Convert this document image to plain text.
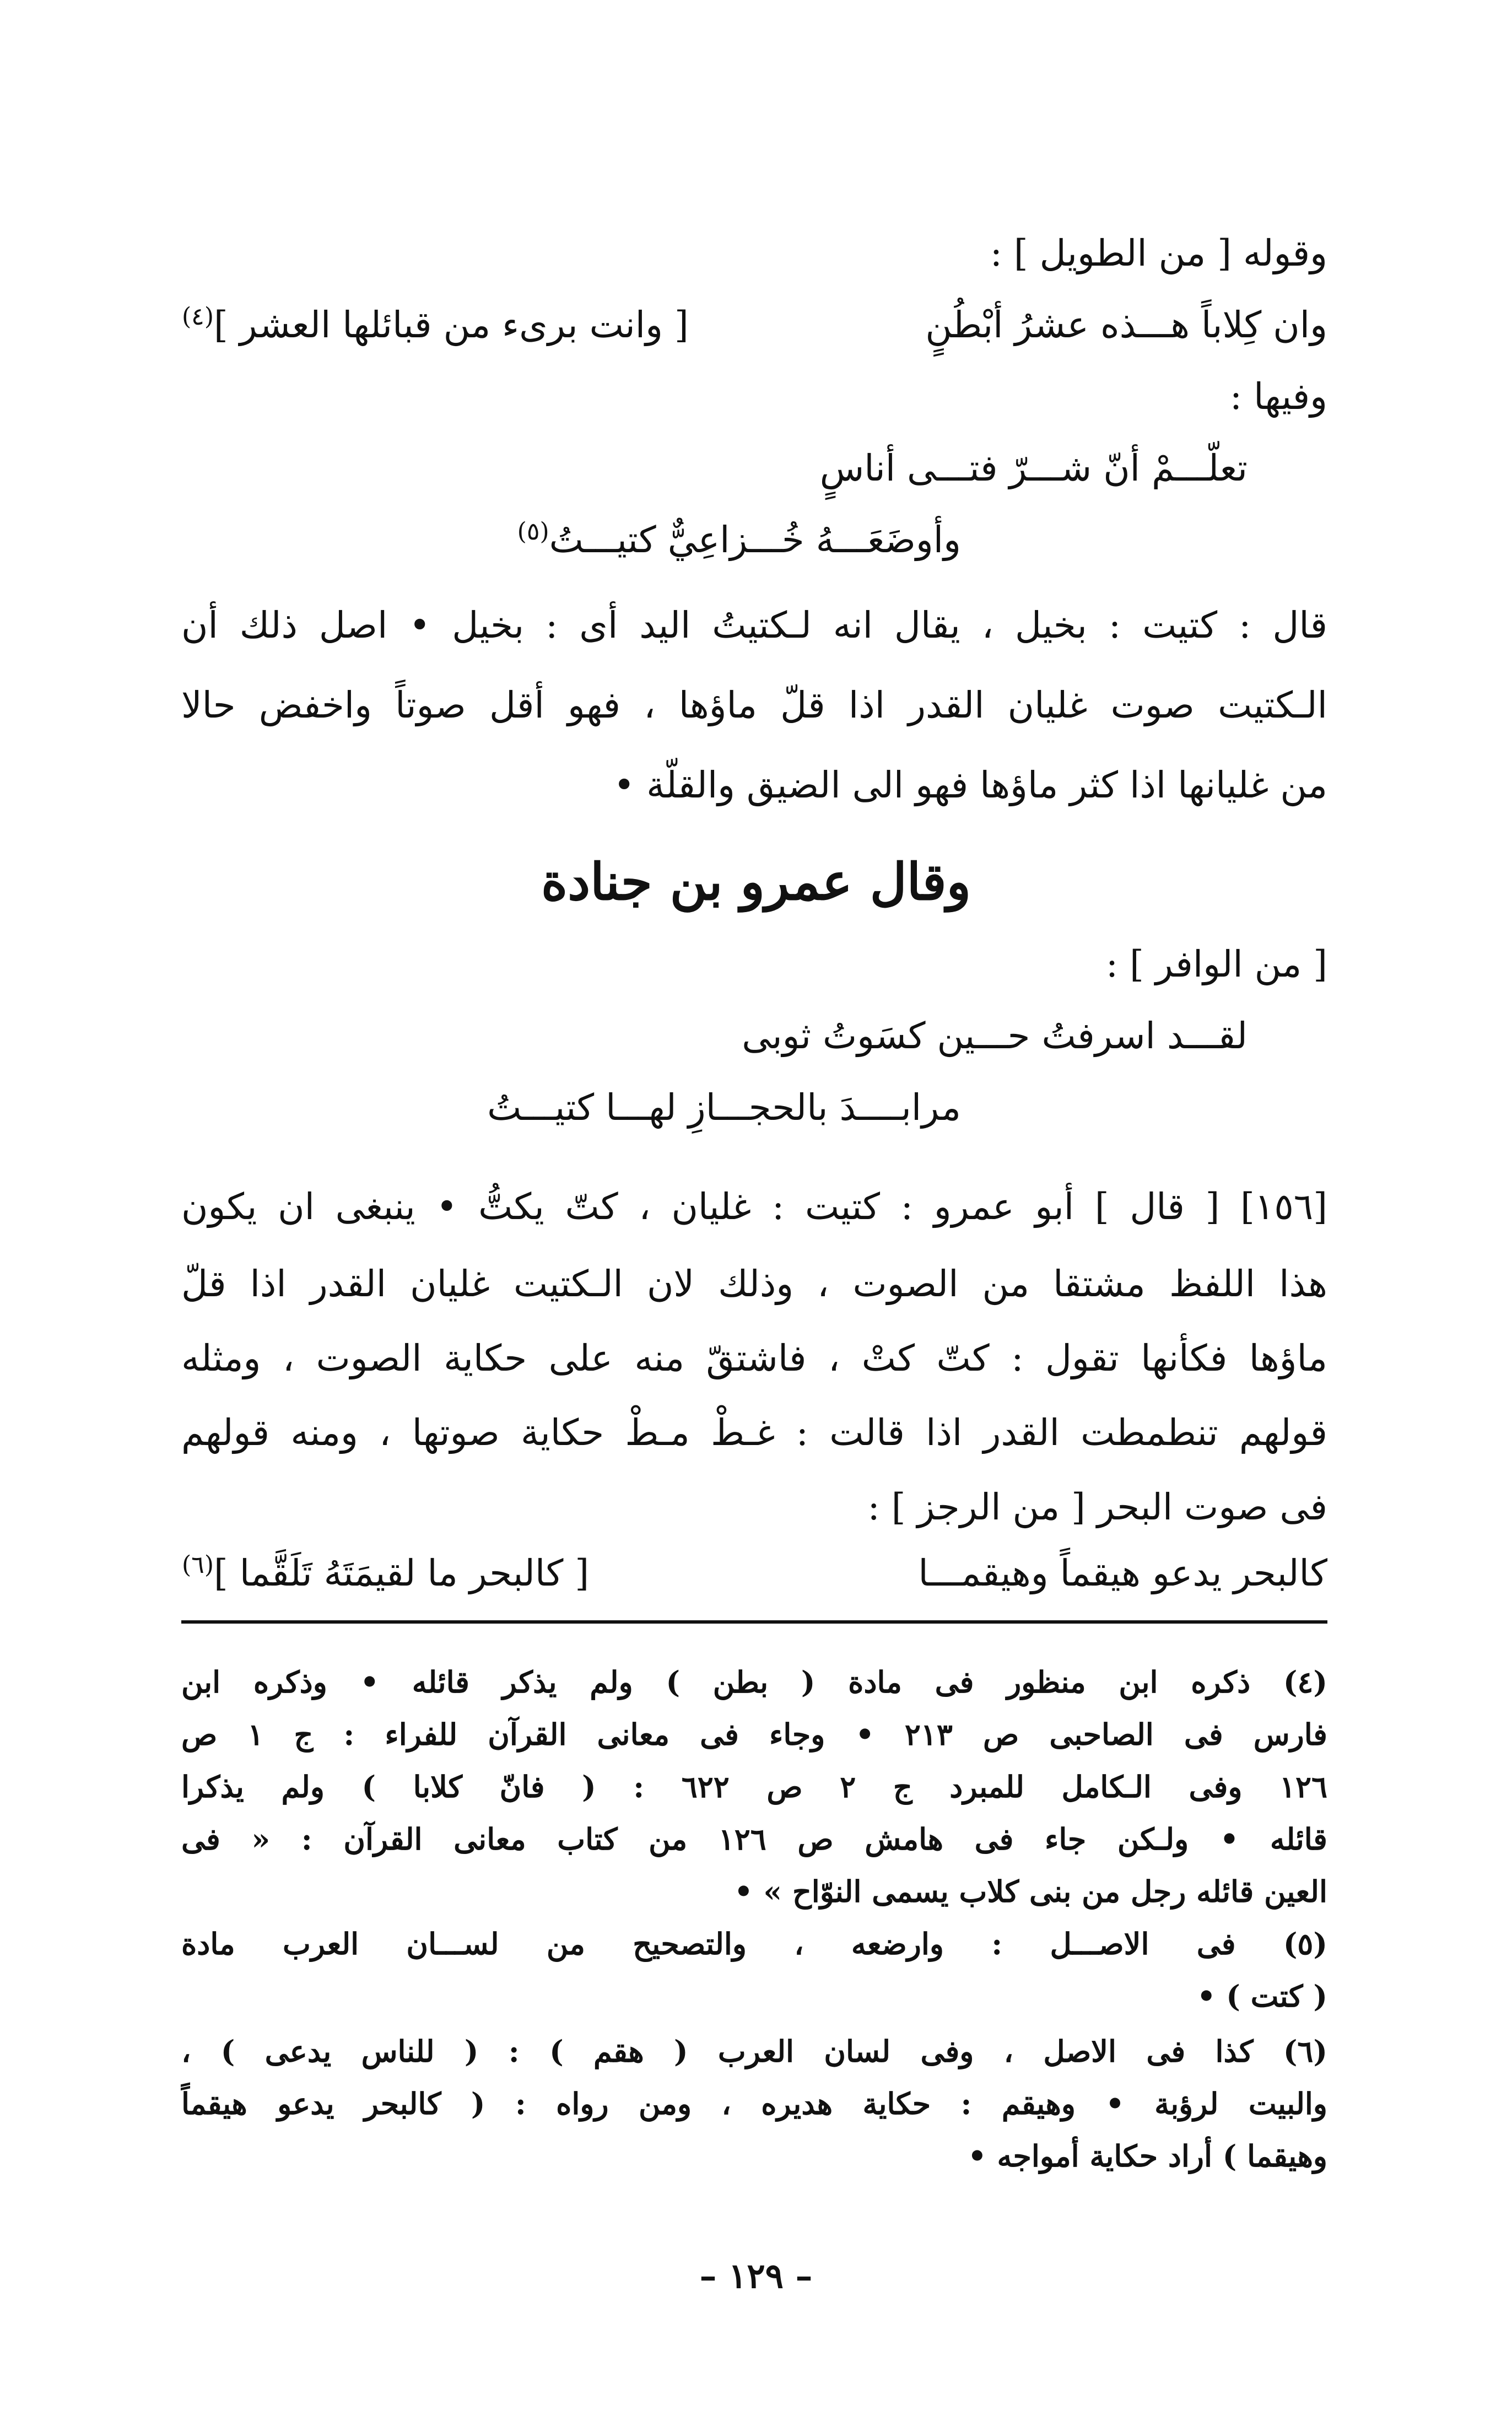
وقوله [ من الطويل ] :
وان كِلاباً هـــذه عشرُ أبْطُنٍ
[ وانت برىء من قبائلها العشر ]$^{(٤)}$
وفيها :
تعلّـــمْ أنّ شـــرّ فتـــى أناسٍ
وأوضَعَـــهُ خُـــزاعِيٌّ كتيـــتُ$^{(٥)}$
قال : كتيت : بخيل ، يقال انه لـكتيتُ اليد أى : بخيل • اصل ذلك أن
الـكتيت صوت غليان القدر اذا قلّ ماؤها ، فهو أقل صوتاً واخفض حالا
من غليانها اذا كثر ماؤها فهو الى الضيق والقلّة •
وقال عمرو بن جنادة
[ من الوافر ] :
لقـــد اسرفتُ حـــين كسَوتُ ثوبى
مرابــــدَ بالحجـــازِ لهـــا كتيـــتُ
[١٥٦] [ قال ] أبو عمرو : كتيت : غليان ، كتّ يكتُّ • ينبغى ان يكون
هذا اللفظ مشتقا من الصوت ، وذلك لان الـكتيت غليان القدر اذا قلّ
ماؤها فكأنها تقول : كتّ كتْ ، فاشتقّ منه على حكاية الصوت ، ومثله
قولهم تنطمطت القدر اذا قالت : غـطْ مـطْ حكاية صوتها ، ومنه قولهم
فى صوت البحر [ من الرجز ] :
كالبحر يدعو هيقماً وهيقمـــا
[ كالبحر ما لقيمَتَهُ تَلَقَّما ]$^{(٦)}$
(٤) ذكره ابن منظور فى مادة ( بطن ) ولم يذكر قائله • وذكره ابن
فارس فى الصاحبى ص ٢١٣ • وجاء فى معانى القرآن للفراء : ج ١ ص
١٢٦ وفى الـكامل للمبرد ج ٢ ص ٦٢٢ : ( فانّ كلابا ) ولم يذكرا
قائله • ولـكن جاء فى هامش ص ١٢٦ من كتاب معانى القرآن : « فى
العين قائله رجل من بنى كلاب يسمى النوّاح » •
(٥) فى الاصـــل : وارضعه ، والتصحيح من لســـان العرب مادة
( كتت ) •
(٦) كذا فى الاصل ، وفى لسان العرب ( هقم ) : ( للناس يدعى ) ،
والبيت لرؤبة • وهيقم : حكاية هديره ، ومن رواه : ( كالبحر يدعو هيقماً
وهيقما ) أراد حكاية أمواجه •
– ١٢٩ –
